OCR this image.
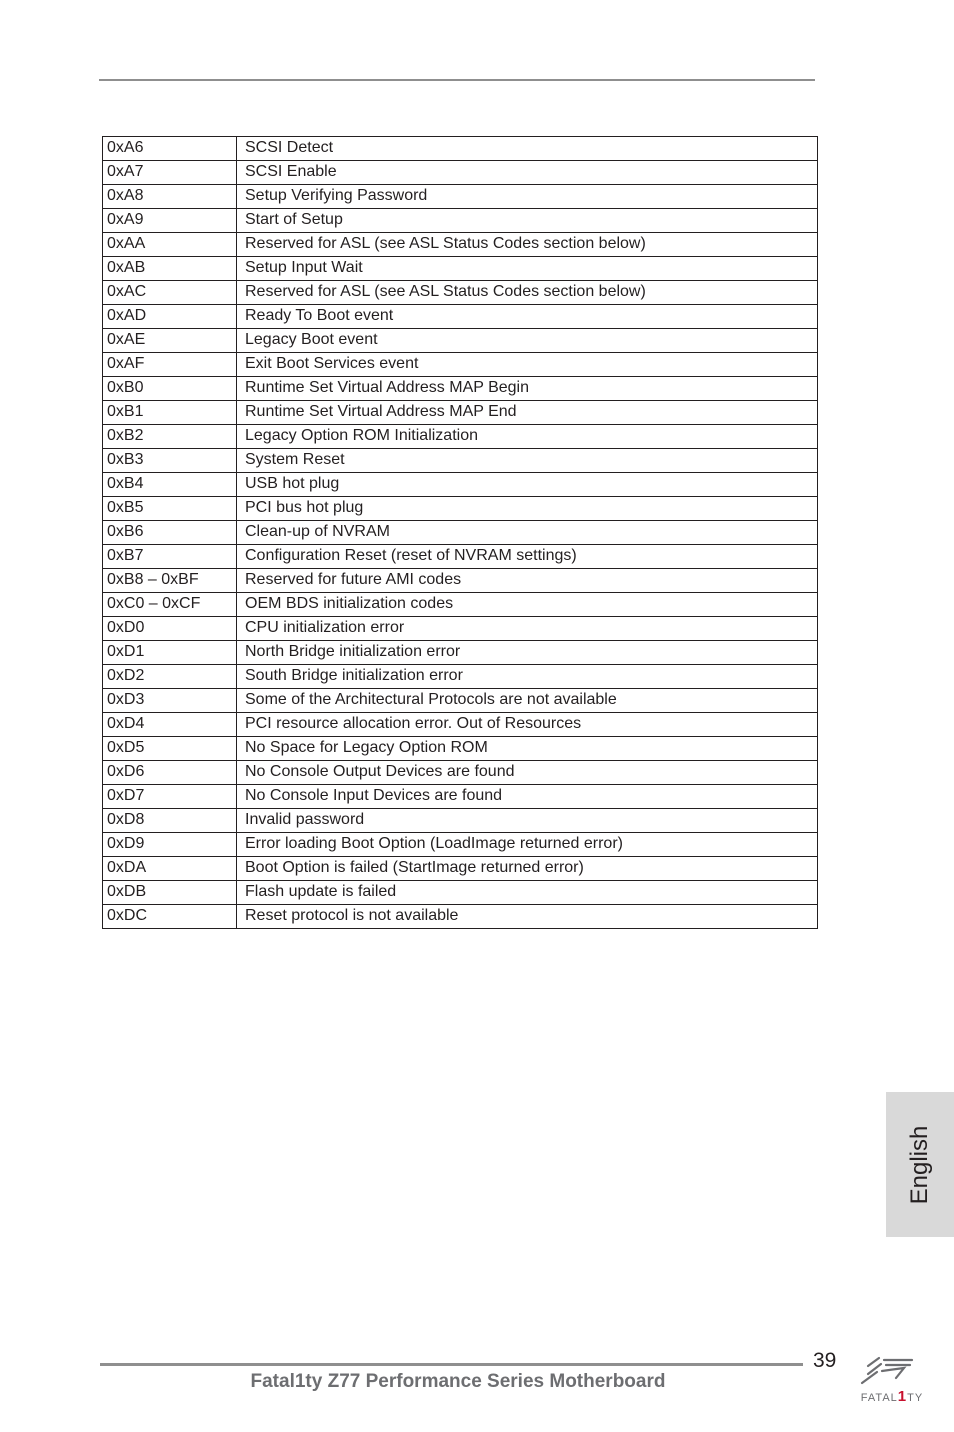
0xA6	SCSI Detect
0xA7	SCSI Enable
0xA8	Setup Verifying Password
0xA9	Start of Setup
0xAA	Reserved for ASL (see ASL Status Codes section below)
0xAB	Setup Input Wait
0xAC	Reserved for ASL (see ASL Status Codes section below)
0xAD	Ready To Boot event
0xAE	Legacy Boot event
0xAF	Exit Boot Services event
0xB0	Runtime Set Virtual Address MAP Begin
0xB1	Runtime Set Virtual Address MAP End
0xB2	Legacy Option ROM Initialization
0xB3	System Reset
0xB4	USB hot plug
0xB5	PCI bus hot plug
0xB6	Clean-up of NVRAM
0xB7	Configuration Reset (reset of NVRAM settings)
0xB8 – 0xBF	Reserved for future AMI codes
0xC0 – 0xCF	OEM BDS initialization codes
0xD0	CPU initialization error
0xD1	North Bridge initialization error
0xD2	South Bridge initialization error
0xD3	Some of the Architectural Protocols are not available
0xD4	PCI resource allocation error. Out of Resources
0xD5	No Space for Legacy Option ROM
0xD6	No Console Output Devices are found
0xD7	No Console Input Devices are found
0xD8	Invalid password
0xD9	Error loading Boot Option (LoadImage returned error)
0xDA	Boot Option is failed (StartImage returned error)
0xDB	Flash update is failed
0xDC	Reset protocol is not available
English
39
Fatal1ty Z77 Performance Series Motherboard
FATAL1TY
